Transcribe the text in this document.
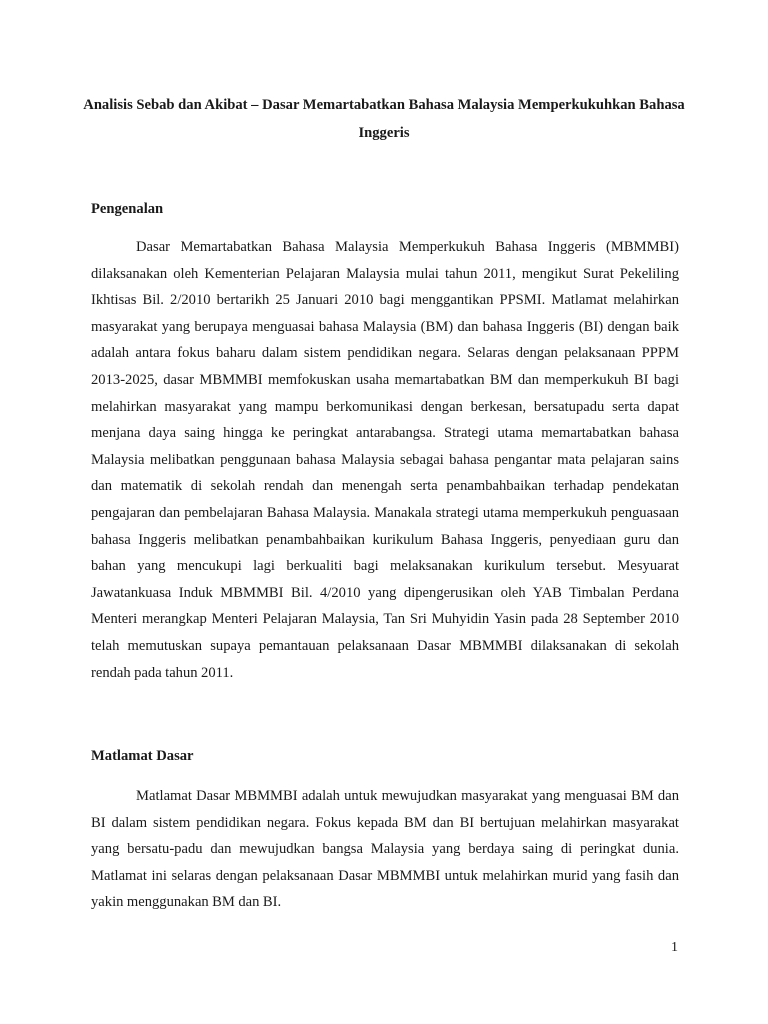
Analisis Sebab dan Akibat – Dasar Memartabatkan Bahasa Malaysia Memperkukuhkan Bahasa Inggeris
Pengenalan

Dasar Memartabatkan Bahasa Malaysia Memperkukuh Bahasa Inggeris (MBMMBI) dilaksanakan oleh Kementerian Pelajaran Malaysia mulai tahun 2011, mengikut Surat Pekeliling Ikhtisas Bil. 2/2010 bertarikh 25 Januari 2010 bagi menggantikan PPSMI. Matlamat melahirkan masyarakat yang berupaya menguasai bahasa Malaysia (BM) dan bahasa Inggeris (BI) dengan baik adalah antara fokus baharu dalam sistem pendidikan negara. Selaras dengan pelaksanaan PPPM 2013-2025, dasar MBMMBI memfokuskan usaha memartabatkan BM dan memperkukuh BI bagi melahirkan masyarakat yang mampu berkomunikasi dengan berkesan, bersatupadu serta dapat menjana daya saing hingga ke peringkat antarabangsa. Strategi utama memartabatkan bahasa Malaysia melibatkan penggunaan bahasa Malaysia sebagai bahasa pengantar mata pelajaran sains dan matematik di sekolah rendah dan menengah serta penambahbaikan terhadap pendekatan pengajaran dan pembelajaran Bahasa Malaysia. Manakala strategi utama memperkukuh penguasaan bahasa Inggeris melibatkan penambahbaikan kurikulum Bahasa Inggeris, penyediaan guru dan bahan yang mencukupi lagi berkualiti bagi melaksanakan kurikulum tersebut. Mesyuarat Jawatankuasa Induk MBMMBI Bil. 4/2010 yang dipengerusikan oleh YAB Timbalan Perdana Menteri merangkap Menteri Pelajaran Malaysia, Tan Sri Muhyidin Yasin pada 28 September 2010 telah memutuskan supaya pemantauan pelaksanaan Dasar MBMMBI dilaksanakan di sekolah rendah pada tahun 2011.

Matlamat Dasar

Matlamat Dasar MBMMBI adalah untuk mewujudkan masyarakat yang menguasai BM dan BI dalam sistem pendidikan negara. Fokus kepada BM dan BI bertujuan melahirkan masyarakat yang bersatu-padu dan mewujudkan bangsa Malaysia yang berdaya saing di peringkat dunia. Matlamat ini selaras dengan pelaksanaan Dasar MBMMBI untuk melahirkan murid yang fasih dan yakin menggunakan BM dan BI.

1
